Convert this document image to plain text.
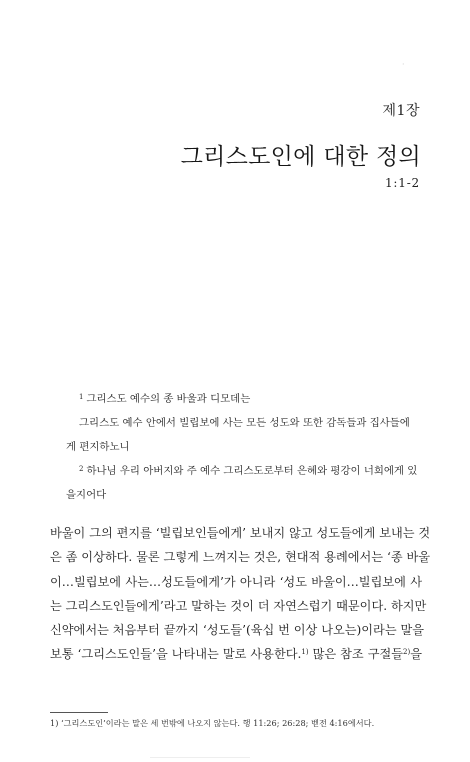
·
제1장
그리스도인에 대한 정의
1:1-2
$^1$ 그리스도 예수의 종 바울과 디모데는
그리스도 예수 안에서 빌립보에 사는 모든 성도와 또한 감독들과 집사들에
게 편지하노니
$^2$ 하나님 우리 아버지와 주 예수 그리스도로부터 은혜와 평강이 너희에게 있
을지어다
바울이 그의 편지를 ‘빌립보인들에게’ 보내지 않고 성도들에게 보내는 것
은 좀 이상하다. 물론 그렇게 느껴지는 것은, 현대적 용례에서는 ‘종 바울
이…빌립보에 사는…성도들에게’가 아니라 ‘성도 바울이…빌립보에 사
는 그리스도인들에게’라고 말하는 것이 더 자연스럽기 때문이다. 하지만
신약에서는 처음부터 끝까지 ‘성도들’(육십 번 이상 나오는)이라는 말을
보통 ‘그리스도인들’을 나타내는 말로 사용한다.$^{1)}$ 많은 참조 구절들$^{2)}$을
1) ‘그리스도인’이라는 말은 세 번밖에 나오지 않는다. 행 11:26; 26:28; 벧전 4:16에서다.
